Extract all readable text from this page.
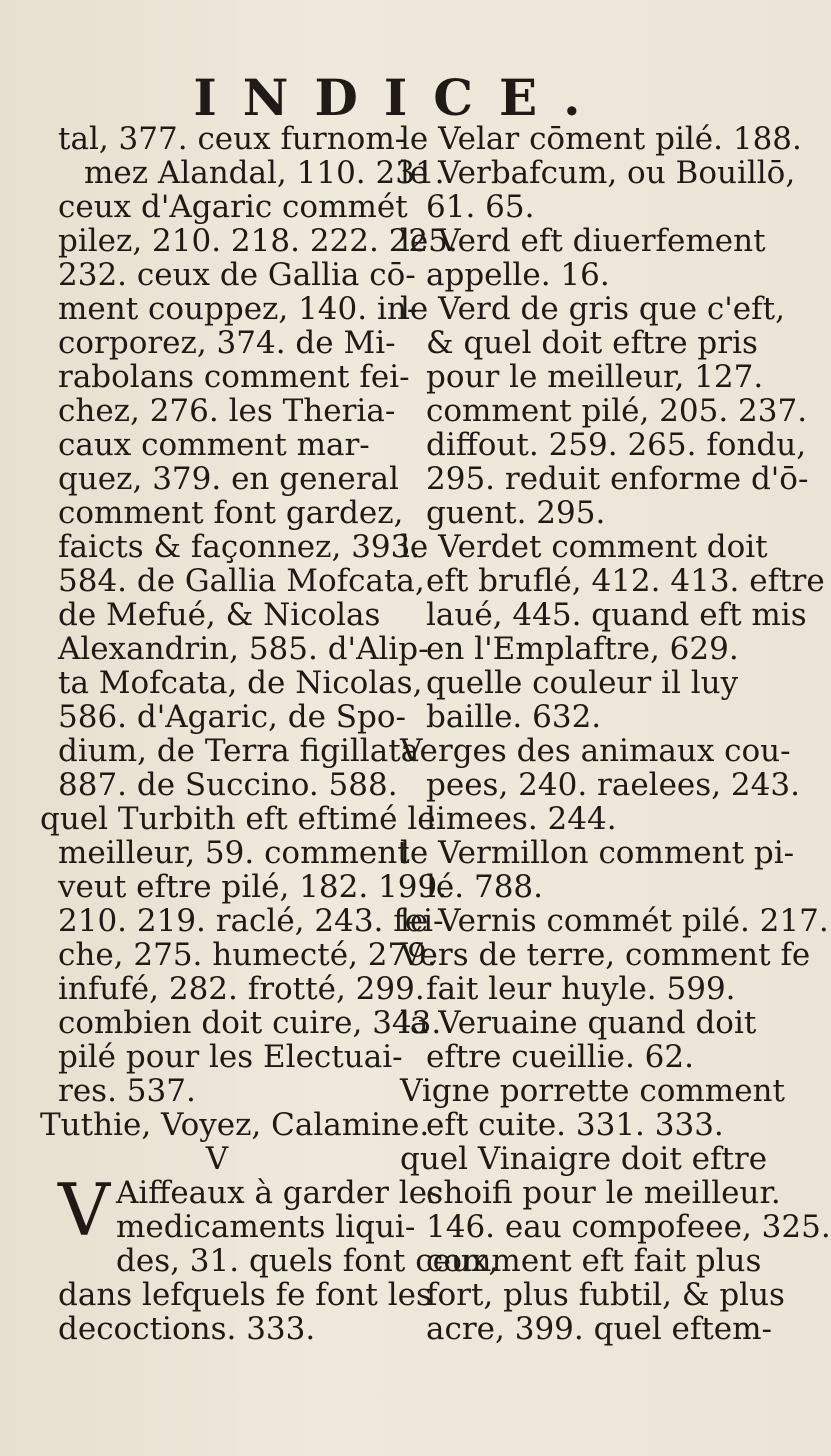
INDICE.
tal, 377. ceux furnom-
mez Alandal, 110. 231.
ceux d'Agaric commét
pilez, 210. 218. 222. 225.
232. ceux de Gallia cō-
ment couppez, 140. in-
corporez, 374. de Mi-
rabolans comment fei-
chez, 276. les Theria-
caux comment mar-
quez, 379. en general
comment font gardez,
faicts & façonnez, 393.
584. de Gallia Mofcata,
de Mefué, & Nicolas
Alexandrin, 585. d'Alip-
ta Mofcata, de Nicolas,
586. d'Agaric, de Spo-
dium, de Terra figillata
887. de Succino. 588.
quel Turbith eft eftimé le
meilleur, 59. comment
veut eftre pilé, 182. 199.
210. 219. raclé, 243. fei-
che, 275. humecté, 279.
infufé, 282. frotté, 299.
combien doit cuire, 343.
pilé pour les Electuai-
res. 537.
Tuthie, Voyez, Calamine.
V
V Aiffeaux à garder les
medicaments liqui-
des, 31. quels font ceux,
dans lefquels fe font les
decoctions. 333.
le Velar cōment pilé. 188.
le Verbafcum, ou Bouillō,
61. 65.
le Verd eft diuerfement
appelle. 16.
le Verd de gris que c'eft,
& quel doit eftre pris
pour le meilleur, 127.
comment pilé, 205. 237.
diffout. 259. 265. fondu,
295. reduit enforme d'ō-
guent. 295.
le Verdet comment doit
eft bruflé, 412. 413. eftre
laué, 445. quand eft mis
en l'Emplaftre, 629.
quelle couleur il luy
baille. 632.
Verges des animaux cou-
pees, 240. raelees, 243.
limees. 244.
le Vermillon comment pi-
lé. 788.
le Vernis commét pilé. 217.
Vers de terre, comment fe
fait leur huyle. 599.
la Veruaine quand doit
eftre cueillie. 62.
Vigne porrette comment
eft cuite. 331. 333.
quel Vinaigre doit eftre
choifi pour le meilleur.
146. eau compofeee, 325.
comment eft fait plus
fort, plus fubtil, & plus
acre, 399. quel eftem-
